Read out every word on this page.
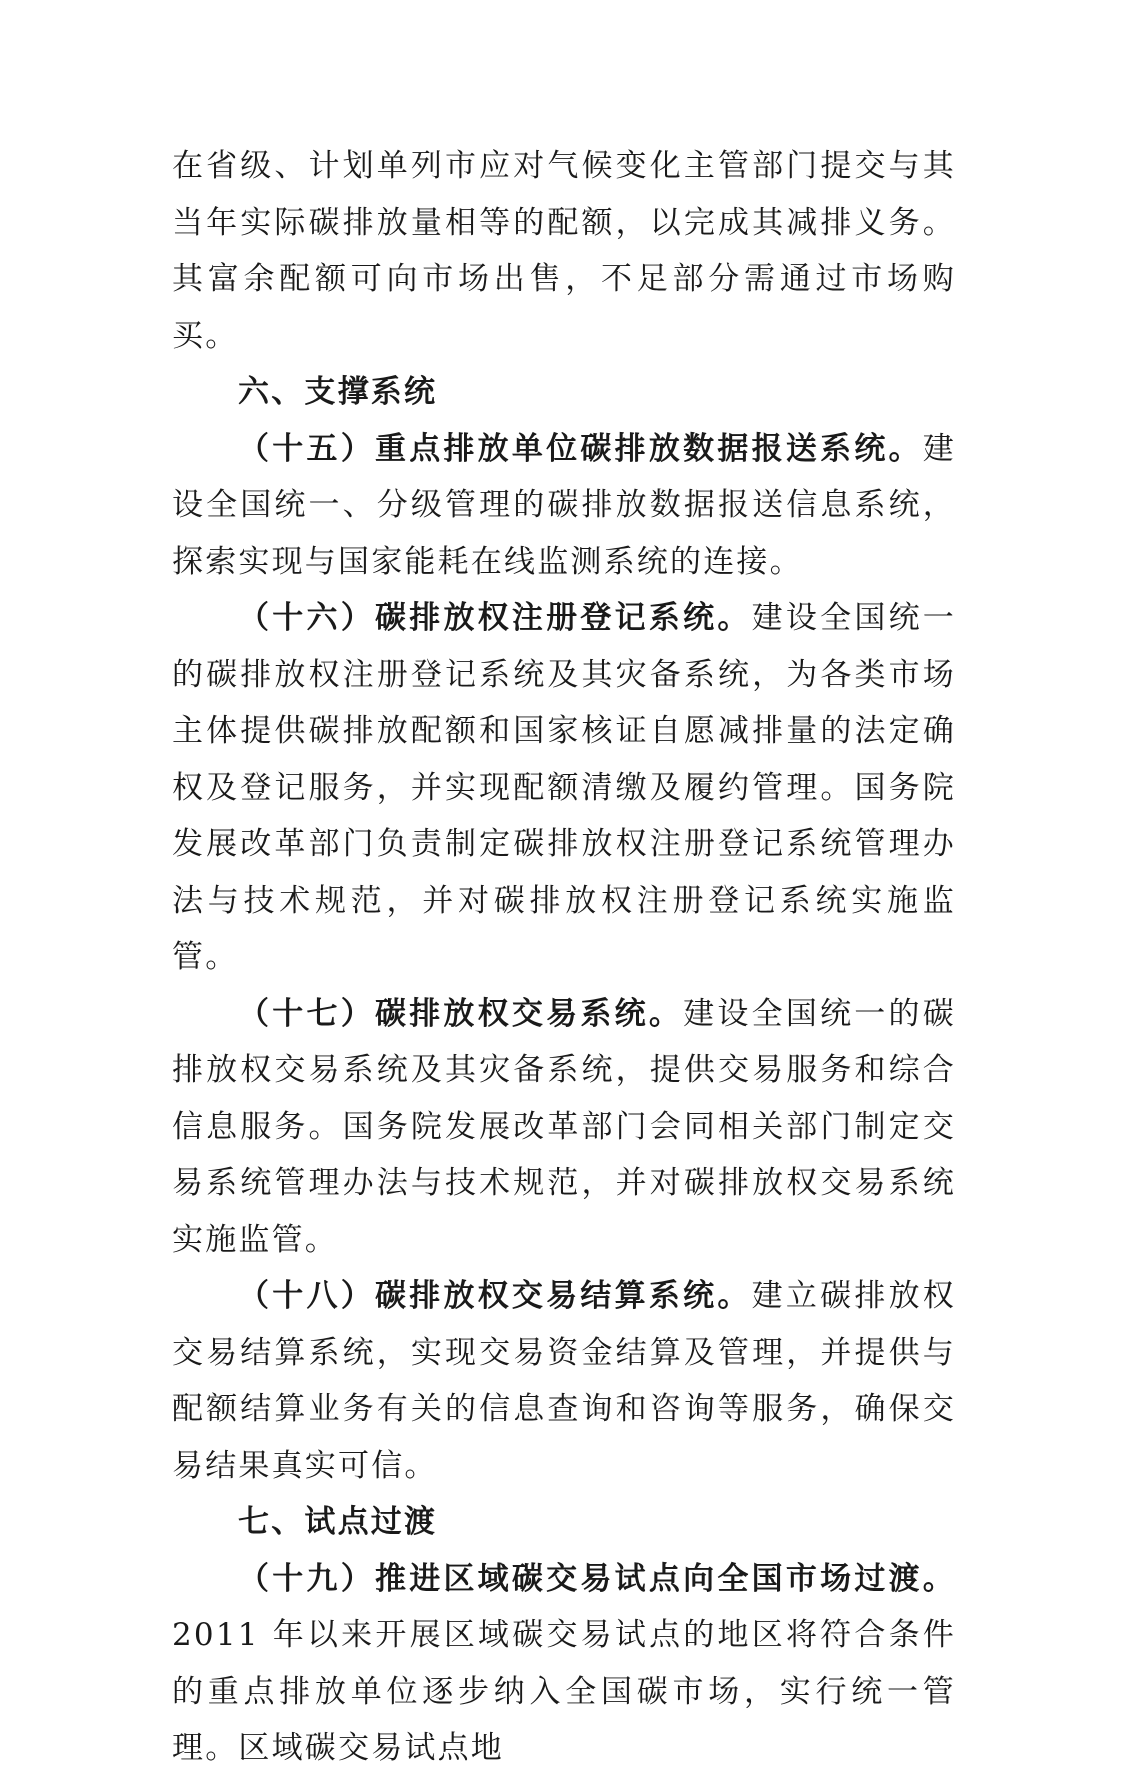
在省级、计划单列市应对气候变化主管部门提交与其当年实际碳排放量相等的配额，以完成其减排义务。其富余配额可向市场出售，不足部分需通过市场购买。

六、支撑系统

（十五）重点排放单位碳排放数据报送系统。建设全国统一、分级管理的碳排放数据报送信息系统，探索实现与国家能耗在线监测系统的连接。

（十六）碳排放权注册登记系统。建设全国统一的碳排放权注册登记系统及其灾备系统，为各类市场主体提供碳排放配额和国家核证自愿减排量的法定确权及登记服务，并实现配额清缴及履约管理。国务院发展改革部门负责制定碳排放权注册登记系统管理办法与技术规范，并对碳排放权注册登记系统实施监管。

（十七）碳排放权交易系统。建设全国统一的碳排放权交易系统及其灾备系统，提供交易服务和综合信息服务。国务院发展改革部门会同相关部门制定交易系统管理办法与技术规范，并对碳排放权交易系统实施监管。

（十八）碳排放权交易结算系统。建立碳排放权交易结算系统，实现交易资金结算及管理，并提供与配额结算业务有关的信息查询和咨询等服务，确保交易结果真实可信。

七、试点过渡

（十九）推进区域碳交易试点向全国市场过渡。2011 年以来开展区域碳交易试点的地区将符合条件的重点排放单位逐步纳入全国碳市场，实行统一管理。区域碳交易试点地
